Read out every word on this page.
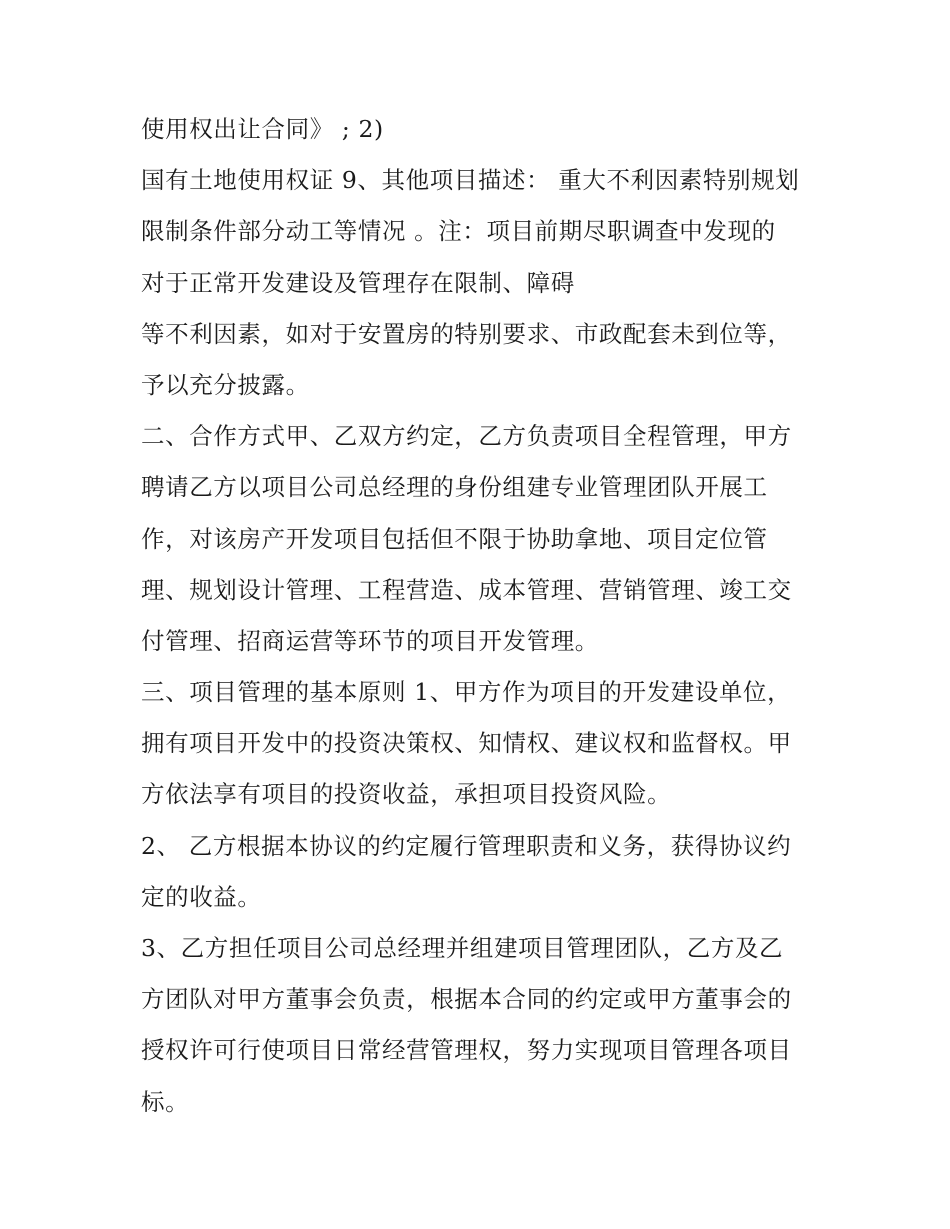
使用权出让合同》 ; 2)
国有土地使用权证 9、其他项目描述： 重大不利因素特别规划
限制条件部分动工等情况 。注：项目前期尽职调查中发现的
对于正常开发建设及管理存在限制、障碍
等不利因素，如对于安置房的特别要求、市政配套未到位等，
予以充分披露。
二、合作方式甲、乙双方约定，乙方负责项目全程管理，甲方
聘请乙方以项目公司总经理的身份组建专业管理团队开展工
作，对该房产开发项目包括但不限于协助拿地、项目定位管
理、规划设计管理、工程营造、成本管理、营销管理、竣工交
付管理、招商运营等环节的项目开发管理。
三、项目管理的基本原则 1、甲方作为项目的开发建设单位，
拥有项目开发中的投资决策权、知情权、建议权和监督权。甲
方依法享有项目的投资收益，承担项目投资风险。
2、 乙方根据本协议的约定履行管理职责和义务，获得协议约
定的收益。
3、乙方担任项目公司总经理并组建项目管理团队，乙方及乙
方团队对甲方董事会负责，根据本合同的约定或甲方董事会的
授权许可行使项目日常经营管理权，努力实现项目管理各项目
标。
